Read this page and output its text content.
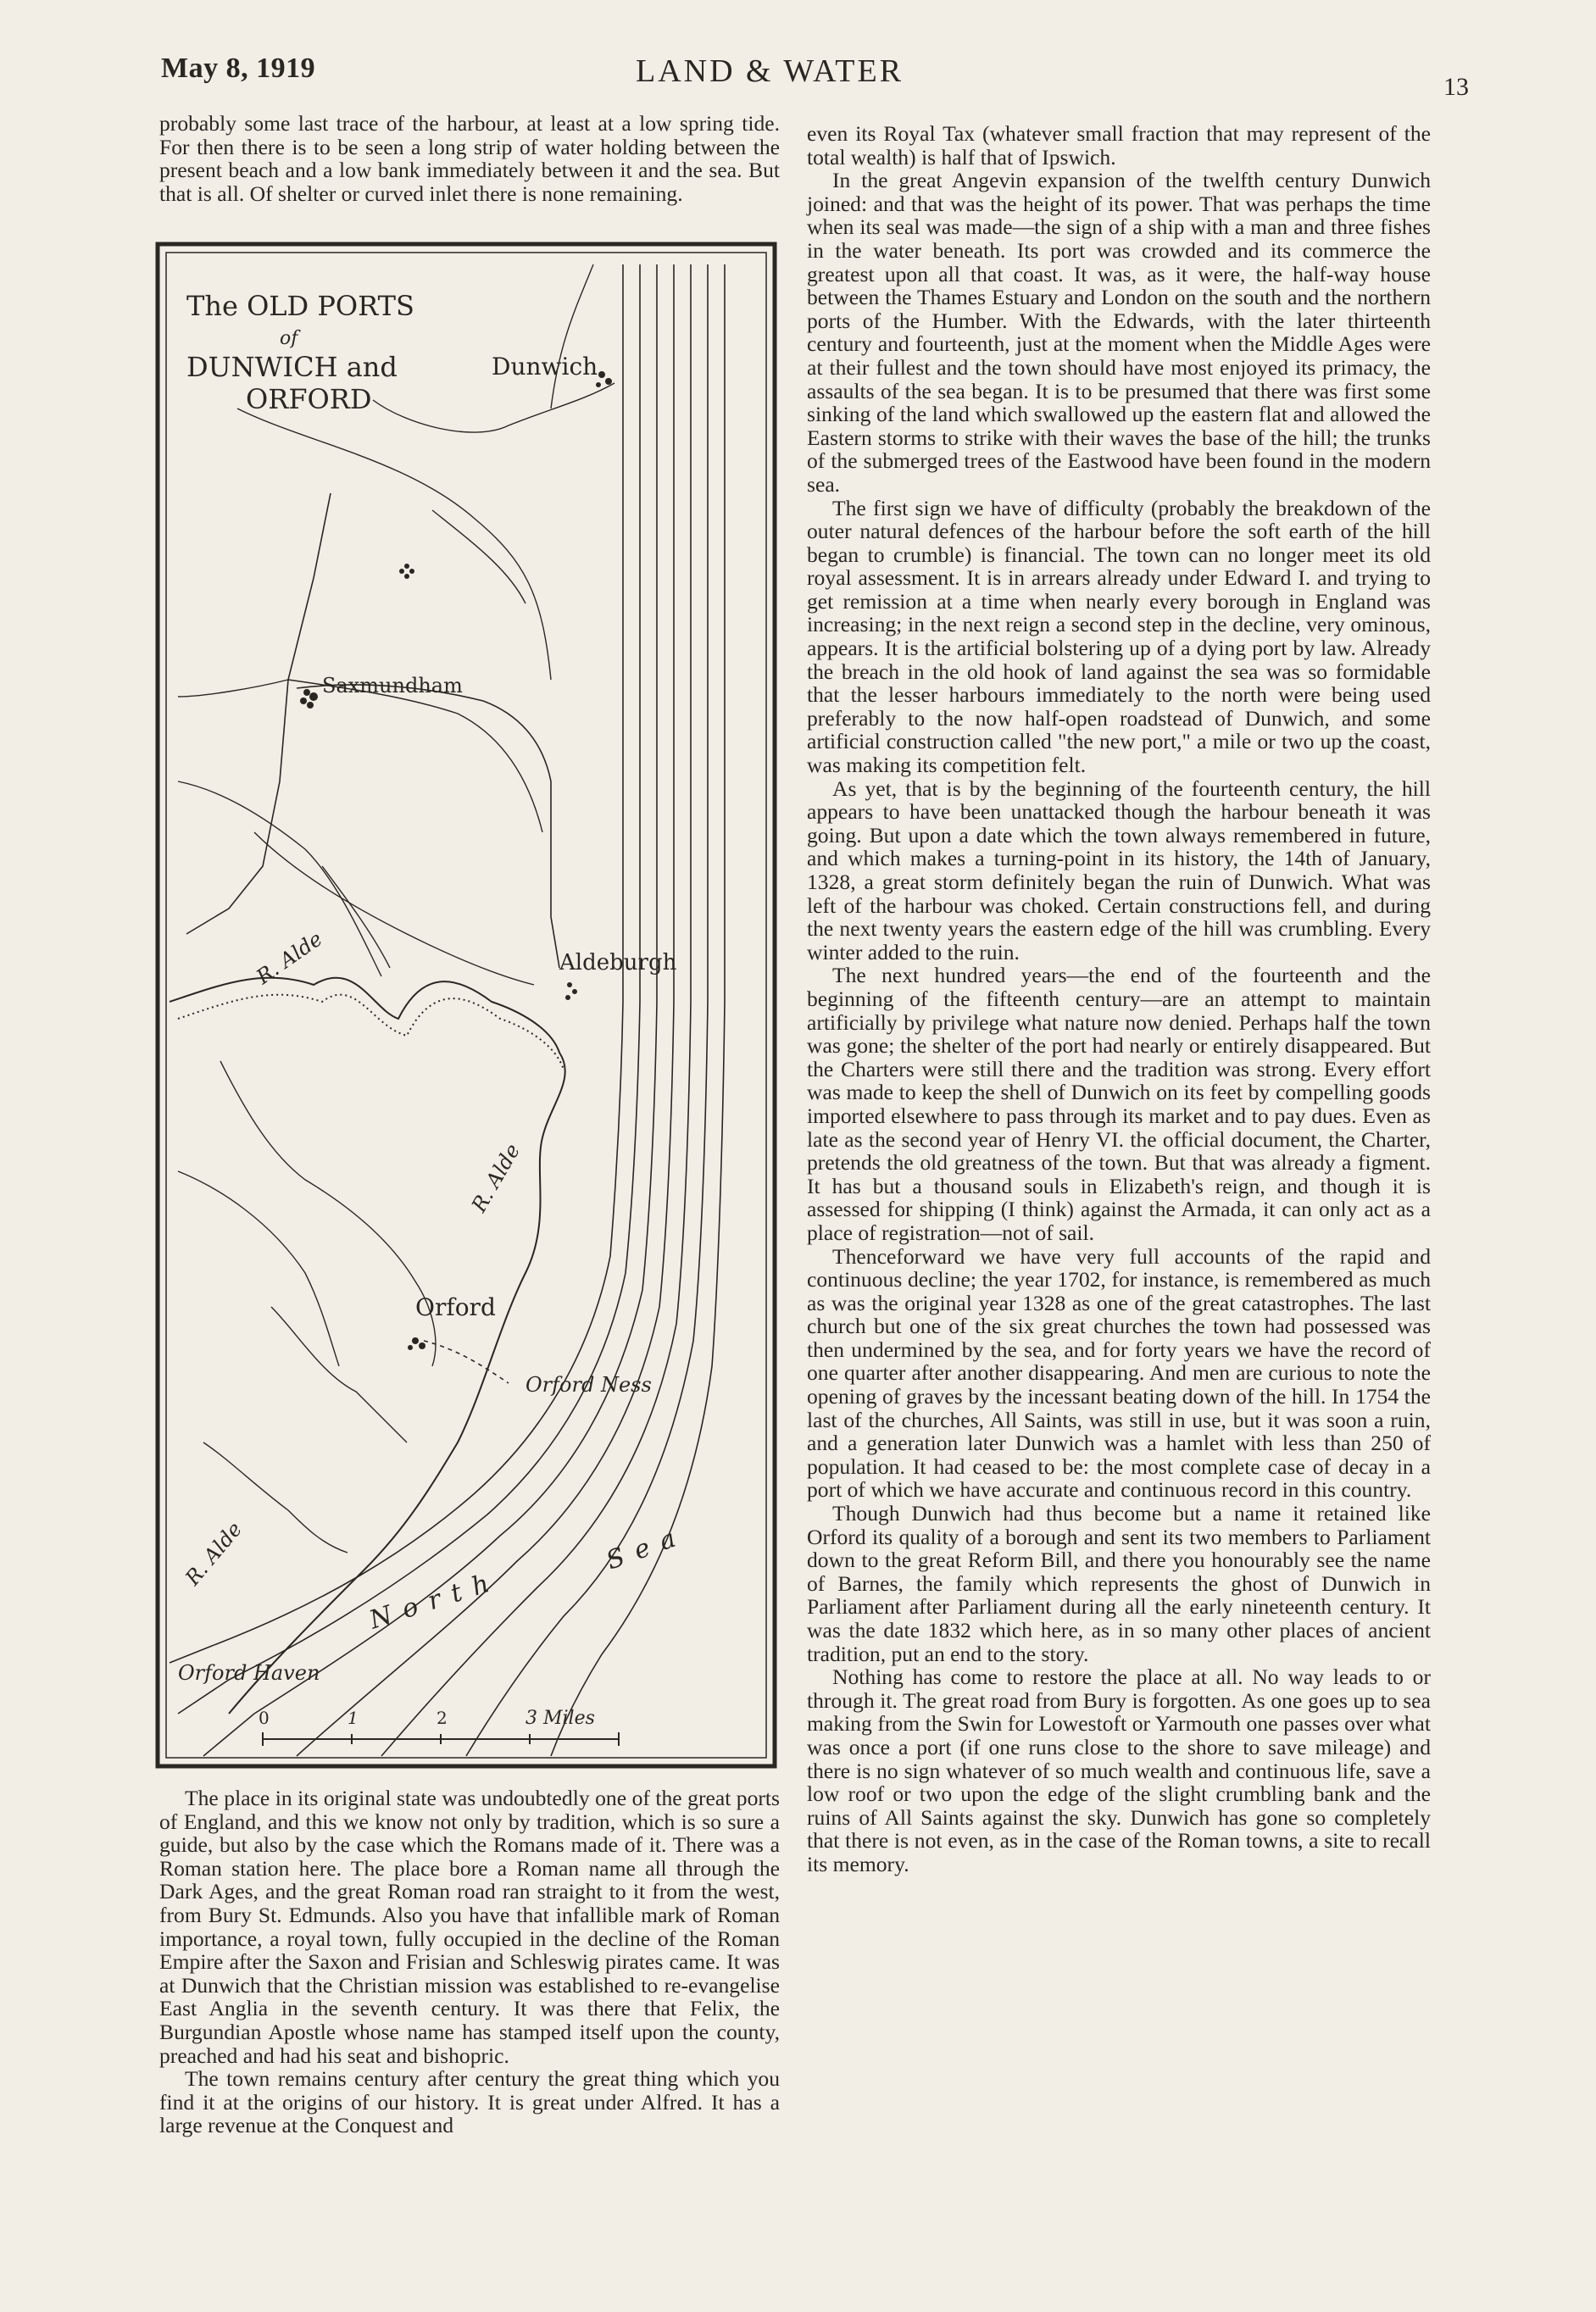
May 8, 1919	LAND & WATER	13

probably some last trace of the harbour, at least at a low spring tide. For then there is to be seen a long strip of water holding between the present beach and a low bank immediately between it and the sea. But that is all. Of shelter or curved inlet there is none remaining.

The OLD PORTS
of
DUNWICH and
ORFORD
Dunwich
Saxmundham
Aldeburgh
Orford
Orford Ness
Orford Haven
R. Alde
R. Alde
R. Alde
North
Sea
0	1	2	3 Miles

The place in its original state was undoubtedly one of the great ports of England, and this we know not only by tradition, which is so sure a guide, but also by the case which the Romans made of it. There was a Roman station here. The place bore a Roman name all through the Dark Ages, and the great Roman road ran straight to it from the west, from Bury St. Edmunds. Also you have that infallible mark of Roman importance, a royal town, fully occupied in the decline of the Roman Empire after the Saxon and Frisian and Schleswig pirates came. It was at Dunwich that the Christian mission was established to re-evangelise East Anglia in the seventh century. It was there that Felix, the Burgundian Apostle whose name has stamped itself upon the county, preached and had his seat and bishopric.

The town remains century after century the great thing which you find it at the origins of our history. It is great under Alfred. It has a large revenue at the Conquest and

even its Royal Tax (whatever small fraction that may represent of the total wealth) is half that of Ipswich.

In the great Angevin expansion of the twelfth century Dunwich joined: and that was the height of its power. That was perhaps the time when its seal was made—the sign of a ship with a man and three fishes in the water beneath. Its port was crowded and its commerce the greatest upon all that coast. It was, as it were, the half-way house between the Thames Estuary and London on the south and the northern ports of the Humber. With the Edwards, with the later thirteenth century and fourteenth, just at the moment when the Middle Ages were at their fullest and the town should have most enjoyed its primacy, the assaults of the sea began. It is to be presumed that there was first some sinking of the land which swallowed up the eastern flat and allowed the Eastern storms to strike with their waves the base of the hill; the trunks of the submerged trees of the Eastwood have been found in the modern sea.

The first sign we have of difficulty (probably the breakdown of the outer natural defences of the harbour before the soft earth of the hill began to crumble) is financial. The town can no longer meet its old royal assessment. It is in arrears already under Edward I. and trying to get remission at a time when nearly every borough in England was increasing; in the next reign a second step in the decline, very ominous, appears. It is the artificial bolstering up of a dying port by law. Already the breach in the old hook of land against the sea was so formidable that the lesser harbours immediately to the north were being used preferably to the now half-open roadstead of Dunwich, and some artificial construction called "the new port," a mile or two up the coast, was making its competition felt.

As yet, that is by the beginning of the fourteenth century, the hill appears to have been unattacked though the harbour beneath it was going. But upon a date which the town always remembered in future, and which makes a turning-point in its history, the 14th of January, 1328, a great storm definitely began the ruin of Dunwich. What was left of the harbour was choked. Certain constructions fell, and during the next twenty years the eastern edge of the hill was crumbling. Every winter added to the ruin.

The next hundred years—the end of the fourteenth and the beginning of the fifteenth century—are an attempt to maintain artificially by privilege what nature now denied. Perhaps half the town was gone; the shelter of the port had nearly or entirely disappeared. But the Charters were still there and the tradition was strong. Every effort was made to keep the shell of Dunwich on its feet by compelling goods imported elsewhere to pass through its market and to pay dues. Even as late as the second year of Henry VI. the official document, the Charter, pretends the old greatness of the town. But that was already a figment. It has but a thousand souls in Elizabeth's reign, and though it is assessed for shipping (I think) against the Armada, it can only act as a place of registration—not of sail.

Thenceforward we have very full accounts of the rapid and continuous decline; the year 1702, for instance, is remembered as much as was the original year 1328 as one of the great catastrophes. The last church but one of the six great churches the town had possessed was then undermined by the sea, and for forty years we have the record of one quarter after another disappearing. And men are curious to note the opening of graves by the incessant beating down of the hill. In 1754 the last of the churches, All Saints, was still in use, but it was soon a ruin, and a generation later Dunwich was a hamlet with less than 250 of population. It had ceased to be: the most complete case of decay in a port of which we have accurate and continuous record in this country.

Though Dunwich had thus become but a name it retained like Orford its quality of a borough and sent its two members to Parliament down to the great Reform Bill, and there you honourably see the name of Barnes, the family which represents the ghost of Dunwich in Parliament after Parliament during all the early nineteenth century. It was the date 1832 which here, as in so many other places of ancient tradition, put an end to the story.

Nothing has come to restore the place at all. No way leads to or through it. The great road from Bury is forgotten. As one goes up to sea making from the Swin for Lowestoft or Yarmouth one passes over what was once a port (if one runs close to the shore to save mileage) and there is no sign whatever of so much wealth and continuous life, save a low roof or two upon the edge of the slight crumbling bank and the ruins of All Saints against the sky. Dunwich has gone so completely that there is not even, as in the case of the Roman towns, a site to recall its memory.
